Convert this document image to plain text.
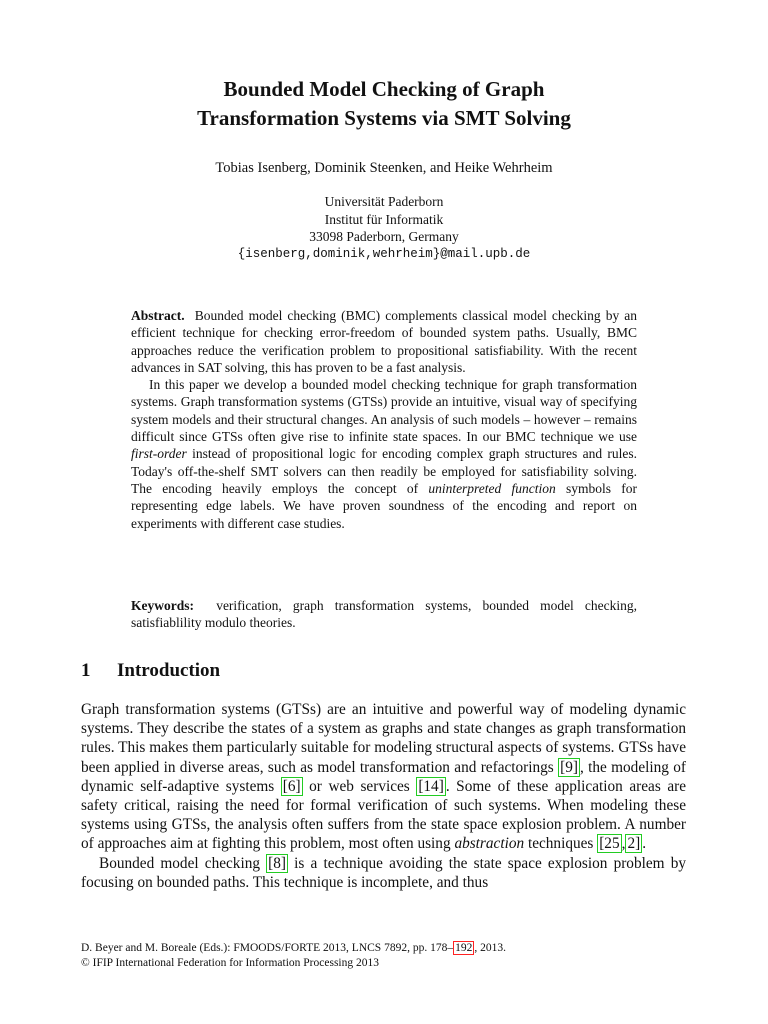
Bounded Model Checking of Graph
Transformation Systems via SMT Solving
Tobias Isenberg, Dominik Steenken, and Heike Wehrheim
Universität Paderborn
Institut für Informatik
33098 Paderborn, Germany
{isenberg,dominik,wehrheim}@mail.upb.de

Abstract. Bounded model checking (BMC) complements classical model checking by an efficient technique for checking error-freedom of bounded system paths. Usually, BMC approaches reduce the verification problem to propositional satisfiability. With the recent advances in SAT solving, this has proven to be a fast analysis.

In this paper we develop a bounded model checking technique for graph transformation systems. Graph transformation systems (GTSs) provide an intuitive, visual way of specifying system models and their structural changes. An analysis of such models – however – remains difficult since GTSs often give rise to infinite state spaces. In our BMC technique we use first-order instead of propositional logic for encoding complex graph structures and rules. Today's off-the-shelf SMT solvers can then readily be employed for satisfiability solving. The encoding heavily employs the concept of uninterpreted function symbols for representing edge labels. We have proven soundness of the encoding and report on experiments with different case studies.

Keywords: verification, graph transformation systems, bounded model checking, satisfiablility modulo theories.
1 Introduction

Graph transformation systems (GTSs) are an intuitive and powerful way of modeling dynamic systems. They describe the states of a system as graphs and state changes as graph transformation rules. This makes them particularly suitable for modeling structural aspects of systems. GTSs have been applied in diverse areas, such as model transformation and refactorings [9] , the modeling of dynamic self-adaptive systems [6] or web services [14] . Some of these application areas are safety critical, raising the need for formal verification of such systems. When modeling these systems using GTSs, the analysis often suffers from the state space explosion problem. A number of approaches aim at fighting this problem, most often using abstraction techniques [25 , 2] .

Bounded model checking [8] is a technique avoiding the state space explosion problem by focusing on bounded paths. This technique is incomplete, and thus

D. Beyer and M. Boreale (Eds.): FMOODS/FORTE 2013, LNCS 7892, pp. 178– 192 , 2013.
© IFIP International Federation for Information Processing 2013
